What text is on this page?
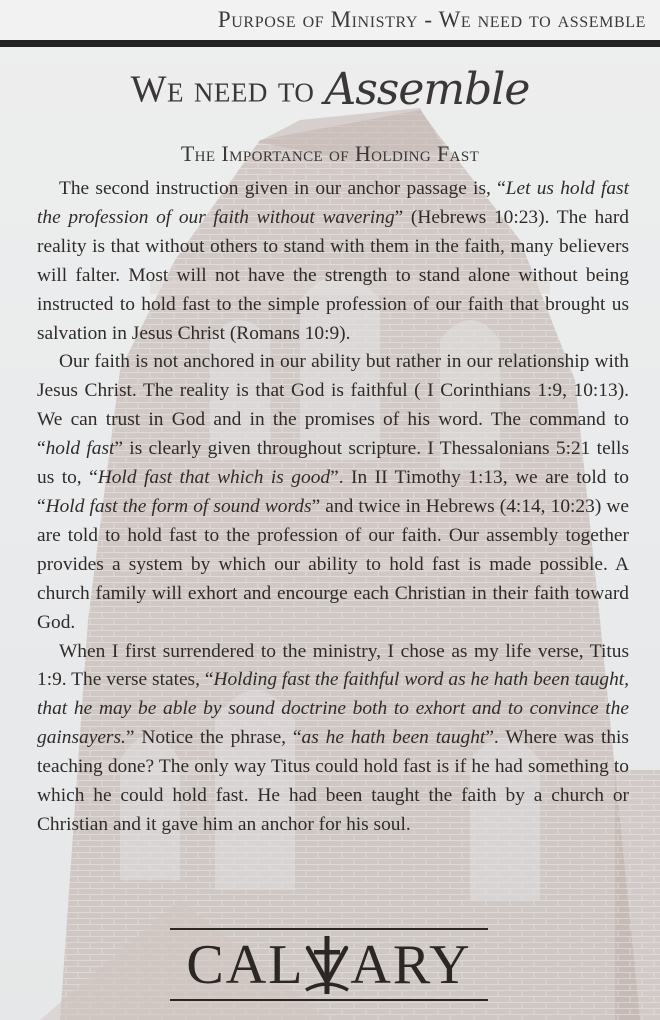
Purpose of Ministry - We need to assemble
We need to Assemble
The Importance of Holding Fast

The second instruction given in our anchor passage is, “Let us hold fast the profession of our faith without wavering” (Hebrews 10:23). The hard reality is that without others to stand with them in the faith, many believers will falter. Most will not have the strength to stand alone without being instructed to hold fast to the simple profession of our faith that brought us salvation in Jesus Christ (Romans 10:9).

Our faith is not anchored in our ability but rather in our relationship with Jesus Christ. The reality is that God is faithful ( I Corinthians 1:9, 10:13). We can trust in God and in the promises of his word. The command to “hold fast” is clearly given throughout scripture. I Thessalonians 5:21 tells us to, “Hold fast that which is good”. In II Timothy 1:13, we are told to “Hold fast the form of sound words” and twice in Hebrews (4:14, 10:23) we are told to hold fast to the profession of our faith. Our assembly together provides a system by which our ability to hold fast is made possible. A church family will exhort and encourge each Christian in their faith toward God.

When I first surrendered to the ministry, I chose as my life verse, Titus 1:9. The verse states, “Holding fast the faithful word as he hath been taught, that he may be able by sound doctrine both to exhort and to convince the gainsayers.” Notice the phrase, “as he hath been taught”. Where was this teaching done? The only way Titus could hold fast is if he had something to which he could hold fast. He had been taught the faith by a church or Christian and it gave him an anchor for his soul.

CAL ARY
